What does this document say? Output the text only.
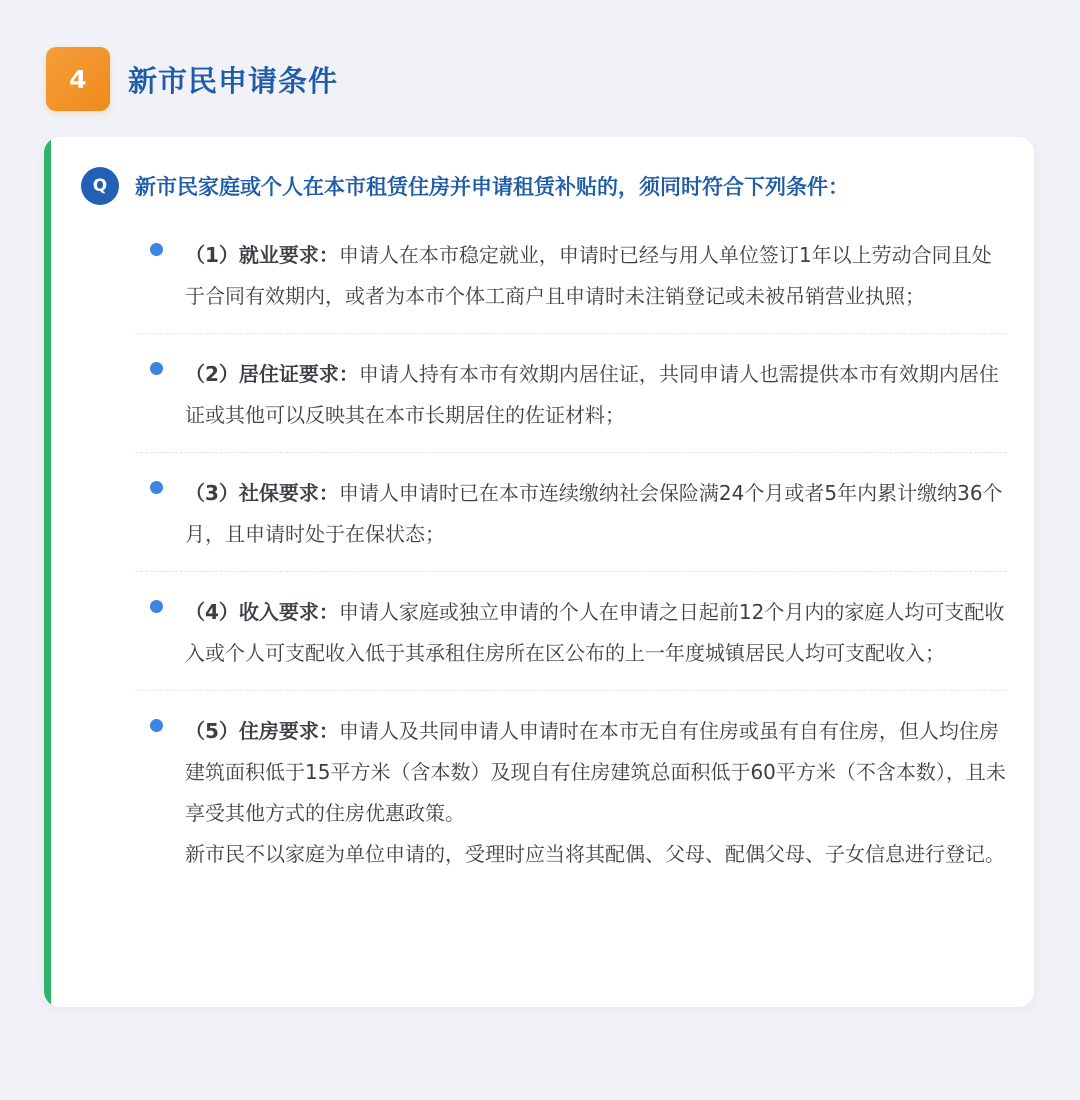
4	新市民申请条件
Q	新市民家庭或个人在本市租赁住房并申请租赁补贴的，须同时符合下列条件：
（1）就业要求：申请人在本市稳定就业，申请时已经与用人单位签订1年以上劳动合同且处于合同有效期内，或者为本市个体工商户且申请时未注销登记或未被吊销营业执照；
（2）居住证要求：申请人持有本市有效期内居住证，共同申请人也需提供本市有效期内居住证或其他可以反映其在本市长期居住的佐证材料；
（3）社保要求：申请人申请时已在本市连续缴纳社会保险满24个月或者5年内累计缴纳36个月，且申请时处于在保状态；
（4）收入要求：申请人家庭或独立申请的个人在申请之日起前12个月内的家庭人均可支配收入或个人可支配收入低于其承租住房所在区公布的上一年度城镇居民人均可支配收入；
（5）住房要求：申请人及共同申请人申请时在本市无自有住房或虽有自有住房，但人均住房建筑面积低于15平方米（含本数）及现自有住房建筑总面积低于60平方米（不含本数），且未享受其他方式的住房优惠政策。
新市民不以家庭为单位申请的，受理时应当将其配偶、父母、配偶父母、子女信息进行登记。
